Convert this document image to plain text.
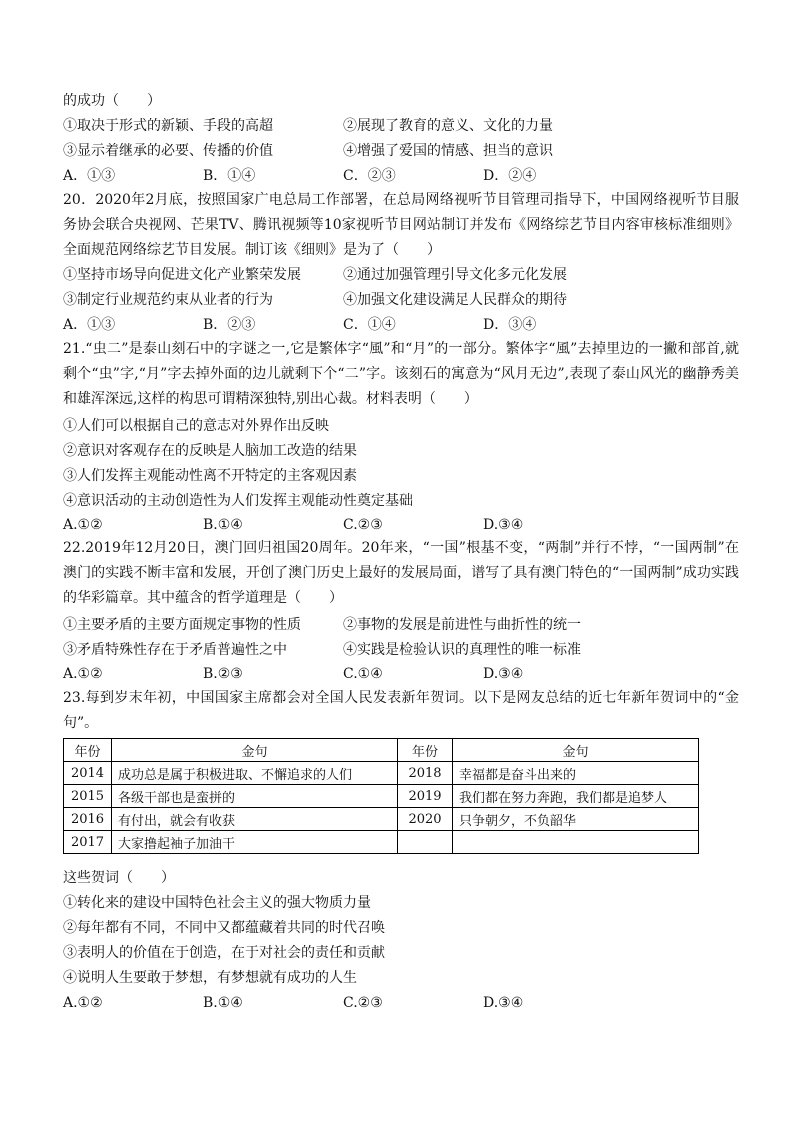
的成功（　　）
①取决于形式的新颖、手段的高超	②展现了教育的意义、文化的力量
③显示着继承的必要、传播的价值	④增强了爱国的情感、担当的意识
A．①③	B．①④	C．②③	D．②④
20．2020年2月底，按照国家广电总局工作部署，在总局网络视听节目管理司指导下，中国网络视听节目服务协会联合央视网、芒果TV、腾讯视频等10家视听节目网站制订并发布《网络综艺节目内容审核标准细则》全面规范网络综艺节目发展。制订该《细则》是为了（　　）
①坚持市场导向促进文化产业繁荣发展	②通过加强管理引导文化多元化发展
③制定行业规范约束从业者的行为	④加强文化建设满足人民群众的期待
A．①③	B．②③	C．①④	D．③④
21.“虫二”是泰山刻石中的字谜之一,它是繁体字“風”和“月”的一部分。繁体字“風”去掉里边的一撇和部首,就剩个“虫”字,“月”字去掉外面的边儿就剩下个“二”字。该刻石的寓意为“风月无边”,表现了泰山风光的幽静秀美和雄浑深远,这样的构思可谓精深独特,别出心裁。材料表明（　　）
①人们可以根据自己的意志对外界作出反映
②意识对客观存在的反映是人脑加工改造的结果
③人们发挥主观能动性离不开特定的主客观因素
④意识活动的主动创造性为人们发挥主观能动性奠定基础
A.①②	B.①④	C.②③	D.③④
22.2019年12月20日，澳门回归祖国20周年。20年来，“一国”根基不变，“两制”并行不悖，“一国两制”在澳门的实践不断丰富和发展，开创了澳门历史上最好的发展局面，谱写了具有澳门特色的“一国两制”成功实践的华彩篇章。其中蕴含的哲学道理是（　　）
①主要矛盾的主要方面规定事物的性质	②事物的发展是前进性与曲折性的统一
③矛盾特殊性存在于矛盾普遍性之中	④实践是检验认识的真理性的唯一标准
A.①②	B.②③	C.①④	D.③④
23.每到岁末年初，中国国家主席都会对全国人民发表新年贺词。以下是网友总结的近七年新年贺词中的“金句”。
年份	金句	年份	金句
2014	成功总是属于积极进取、不懈追求的人们	2018	幸福都是奋斗出来的
2015	各级干部也是蛮拼的	2019	我们都在努力奔跑，我们都是追梦人
2016	有付出，就会有收获	2020	只争朝夕，不负韶华
2017	大家撸起袖子加油干		
这些贺词（　　）
①转化来的建设中国特色社会主义的强大物质力量
②每年都有不同，不同中又都蕴藏着共同的时代召唤
③表明人的价值在于创造，在于对社会的责任和贡献
④说明人生要敢于梦想，有梦想就有成功的人生
A.①②	B.①④	C.②③	D.③④
